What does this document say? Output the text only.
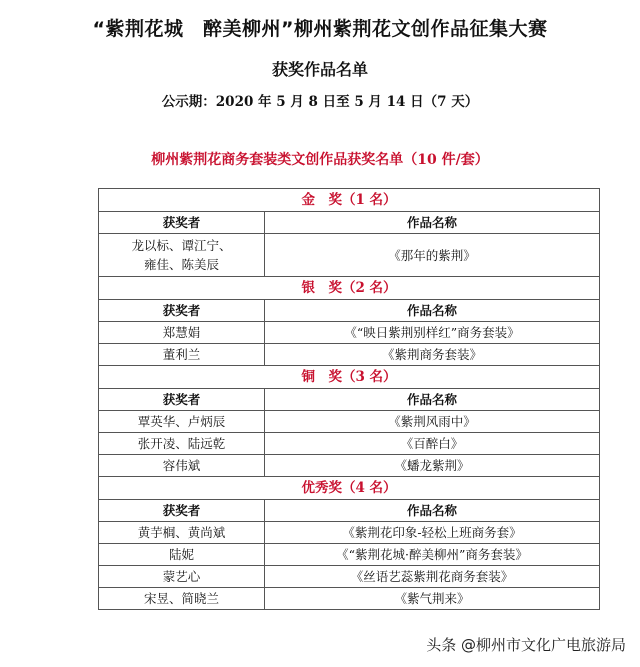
“紫荆花城　醉美柳州”柳州紫荆花文创作品征集大赛
获奖作品名单
公示期：2020 年 5 月 8 日至 5 月 14 日（7 天）
柳州紫荆花商务套装类文创作品获奖名单（10 件/套）
金　奖（1 名）	
获奖者	作品名称

龙以标、谭江宁、
雍佳、陈美辰	《那年的紫荆》
银　奖（2 名）	
获奖者	作品名称
郑慧娟	《“映日紫荆别样红”商务套装》
董利兰	《紫荆商务套装》
铜　奖（3 名）	
获奖者	作品名称
覃英华、卢炳辰	《紫荆风雨中》
张开凌、陆远乾	《百醉白》
容伟斌	《蟠龙紫荆》
优秀奖（4 名）	
获奖者	作品名称
黄芋榈、黄尚斌	《紫荆花印象-轻松上班商务套》
陆妮	《“紫荆花城·醉美柳州”商务套装》
蒙艺心	《丝语艺蕊紫荆花商务套装》
宋昱、简晓兰	《紫气荆来》
头条 @柳州市文化广电旅游局
